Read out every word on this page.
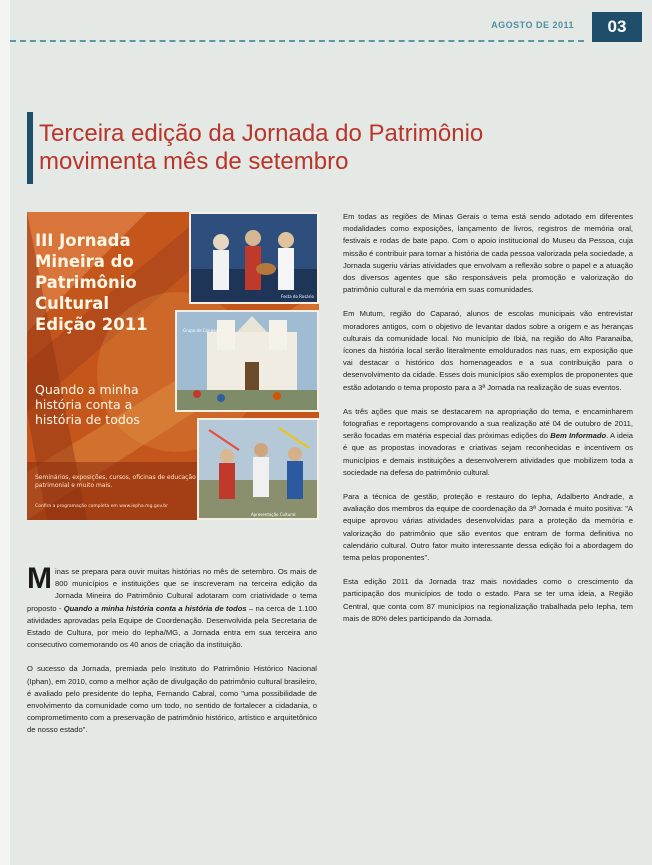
AGOSTO DE 2011	03
Terceira edição da Jornada do Patrimônio
movimenta mês de setembro
Festa do Rosário
Grupo de Congado
Apresentação Cultural
III Jornada
Mineira do
Patrimônio
Cultural
Edição 2011
Quando a minha
história conta a
história de todos
Seminários, exposições, cursos, oficinas de educação patrimonial e muito mais.
Confira a programação completa em www.iepha.mg.gov.br

Em todas as regiões de Minas Gerais o tema está sendo adotado em diferentes modalidades como exposições, lançamento de livros, registros de memória oral, festivais e rodas de bate papo. Com o apoio institucional do Museu da Pessoa, cuja missão é contribuir para tornar a história de cada pessoa valorizada pela sociedade, a Jornada sugeriu várias atividades que envolvam a reflexão sobre o papel e a atuação dos diversos agentes que são responsáveis pela promoção e valorização do patrimônio cultural e da memória em suas comunidades.

Em Mutum, região do Caparaó, alunos de escolas municipais vão entrevistar moradores antigos, com o objetivo de levantar dados sobre a origem e as heranças culturais da comunidade local. No município de Ibiá, na região do Alto Paranaíba, ícones da história local serão literalmente emoldurados nas ruas, em exposição que vai destacar o histórico dos homenageados e a sua contribuição para o desenvolvimento da cidade. Esses dois municípios são exemplos de proponentes que estão adotando o tema proposto para a 3ª Jornada na realização de suas eventos.

As três ações que mais se destacarem na apropriação do tema, e encaminharem fotografias e reportagens comprovando a sua realização até 04 de outubro de 2011, serão focadas em matéria especial das próximas edições do Bem Informado. A ideia é que as propostas inovadoras e criativas sejam reconhecidas e incentivem os municípios e demais instituições a desenvolverem atividades que mobilizem toda a sociedade na defesa do patrimônio cultural.

Para a técnica de gestão, proteção e restauro do Iepha, Adalberto Andrade, a avaliação dos membros da equipe de coordenação da 3ª Jornada é muito positiva: "A equipe aprovou várias atividades desenvolvidas para a proteção da memória e valorização do patrimônio que são eventos que entram de forma definitiva no calendário cultural. Outro fator muito interessante dessa edição foi a abordagem do tema pelos proponentes".

Esta edição 2011 da Jornada traz mais novidades como o crescimento da participação dos municípios de todo o estado. Para se ter uma ideia, a Região Central, que conta com 87 municípios na regionalização trabalhada pelo Iepha, tem mais de 80% deles participando da Jornada.

Minas se prepara para ouvir muitas histórias no mês de setembro. Os mais de 800 municípios e instituições que se inscreveram na terceira edição da Jornada Mineira do Patrimônio Cultural adotaram com criatividade o tema proposto - Quando a minha história conta a história de todos – na cerca de 1.100 atividades aprovadas pela Equipe de Coordenação. Desenvolvida pela Secretaria de Estado de Cultura, por meio do Iepha/MG, a Jornada entra em sua terceira ano consecutivo comemorando os 40 anos de criação da instituição.

O sucesso da Jornada, premiada pelo Instituto do Patrimônio Histórico Nacional (Iphan), em 2010, como a melhor ação de divulgação do patrimônio cultural brasileiro, é avaliado pelo presidente do Iepha, Fernando Cabral, como "uma possibilidade de envolvimento da comunidade como um todo, no sentido de fortalecer a cidadania, o comprometimento com a preservação de patrimônio histórico, artístico e arquitetônico de nosso estado".
